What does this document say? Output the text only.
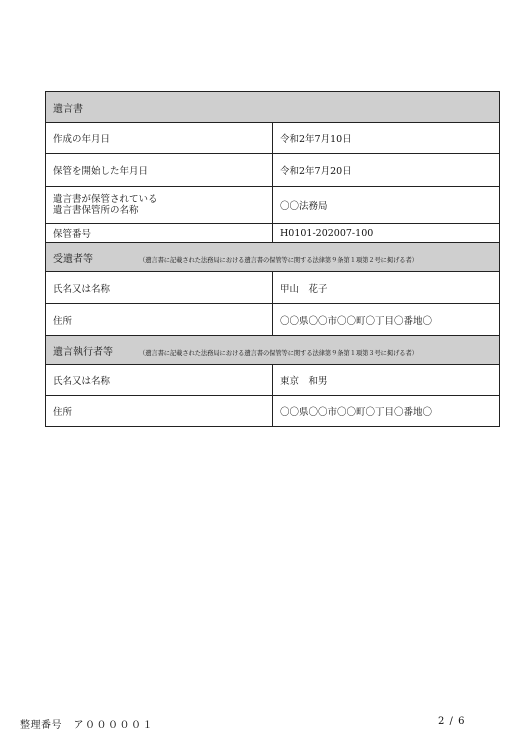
遺言書	
作成の年月日	令和2年7月10日
保管を開始した年月日	令和2年7月20日

遺言書が保管されている
遺言書保管所の名称	〇〇法務局
保管番号	H0101-202007-100
受遺者等 （遺言書に記載された法務局における遺言書の保管等に関する法律第９条第１項第２号に掲げる者）	
氏名又は名称	甲山　花子
住所	〇〇県〇〇市〇〇町〇丁目〇番地〇
遺言執行者等 （遺言書に記載された法務局における遺言書の保管等に関する法律第９条第１項第３号に掲げる者）	
氏名又は名称	東京　和男
住所	〇〇県〇〇市〇〇町〇丁目〇番地〇
整理番号　 ア０００００１	2 / 6
